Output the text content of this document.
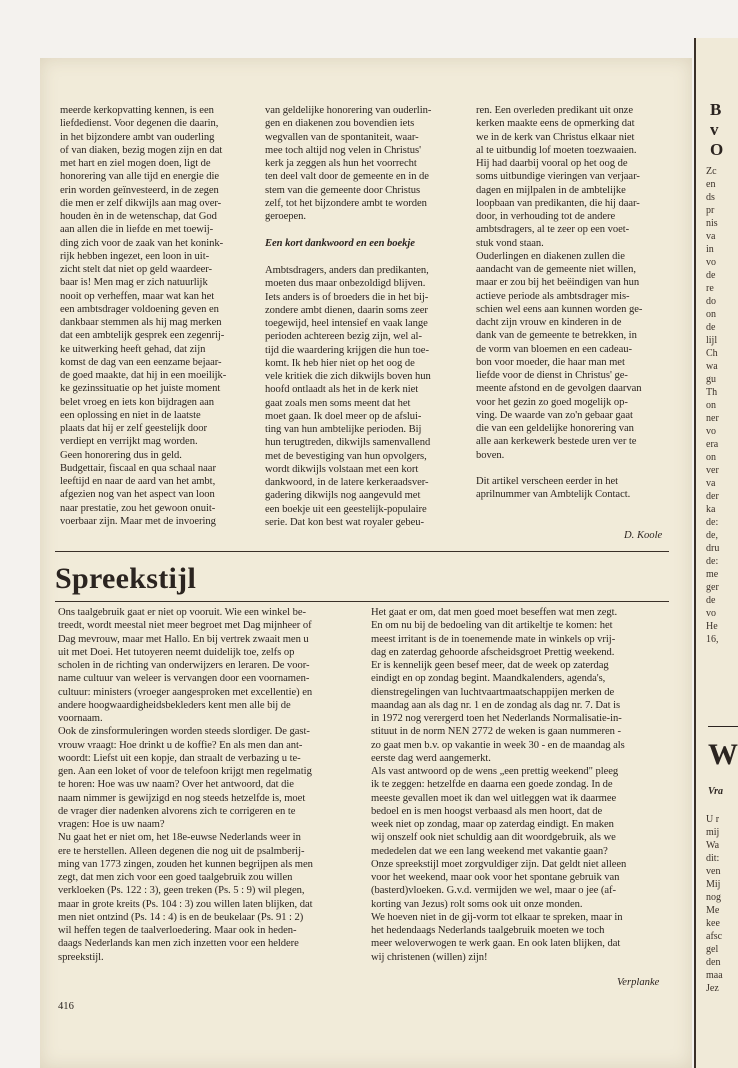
meerde kerkopvatting kennen, is een
liefdedienst. Voor degenen die daarin,
in het bijzondere ambt van ouderling
of van diaken, bezig mogen zijn en dat
met hart en ziel mogen doen, ligt de
honorering van alle tijd en energie die
erin worden geïnvesteerd, in de zegen
die men er zelf dikwijls aan mag over-
houden èn in de wetenschap, dat God
aan allen die in liefde en met toewij-
ding zich voor de zaak van het konink-
rijk hebben ingezet, een loon in uit-
zicht stelt dat niet op geld waardeer-
baar is! Men mag er zich natuurlijk
nooit op verheffen, maar wat kan het
een ambtsdrager voldoening geven en
dankbaar stemmen als hij mag merken
dat een ambtelijk gesprek een zegenrij-
ke uitwerking heeft gehad, dat zijn
komst de dag van een eenzame bejaar-
de goed maakte, dat hij in een moeilijk-
ke gezinssituatie op het juiste moment
belet vroeg en iets kon bijdragen aan
een oplossing en niet in de laatste
plaats dat hij er zelf geestelijk door
verdiept en verrijkt mag worden.
Geen honorering dus in geld.
Budgettair, fiscaal en qua schaal naar
leeftijd en naar de aard van het ambt,
afgezien nog van het aspect van loon
naar prestatie, zou het gewoon onuit-
voerbaar zijn. Maar met de invoering
van geldelijke honorering van ouderlin-
gen en diakenen zou bovendien iets
wegvallen van de spontaniteit, waar-
mee toch altijd nog velen in Christus'
kerk ja zeggen als hun het voorrecht
ten deel valt door de gemeente en in de
stem van die gemeente door Christus
zelf, tot het bijzondere ambt te worden
geroepen.
Een kort dankwoord en een boekje
Ambtsdragers, anders dan predikanten,
moeten dus maar onbezoldigd blijven.
Iets anders is of broeders die in het bij-
zondere ambt dienen, daarin soms zeer
toegewijd, heel intensief en vaak lange
perioden achtereen bezig zijn, wel al-
tijd die waardering krijgen die hun toe-
komt. Ik heb hier niet op het oog de
vele kritiek die zich dikwijls boven hun
hoofd ontlaadt als het in de kerk niet
gaat zoals men soms meent dat het
moet gaan. Ik doel meer op de afslui-
ting van hun ambtelijke perioden. Bij
hun terugtreden, dikwijls samenvallend
met de bevestiging van hun opvolgers,
wordt dikwijls volstaan met een kort
dankwoord, in de latere kerkeraadsver-
gadering dikwijls nog aangevuld met
een boekje uit een geestelijk-populaire
serie. Dat kon best wat royaler gebeu-
ren. Een overleden predikant uit onze
kerken maakte eens de opmerking dat
we in de kerk van Christus elkaar niet
al te uitbundig lof moeten toezwaaien.
Hij had daarbij vooral op het oog de
soms uitbundige vieringen van verjaar-
dagen en mijlpalen in de ambtelijke
loopbaan van predikanten, die hij daar-
door, in verhouding tot de andere
ambtsdragers, al te zeer op een voet-
stuk vond staan.
Ouderlingen en diakenen zullen die
aandacht van de gemeente niet willen,
maar er zou bij het beëindigen van hun
actieve periode als ambtsdrager mis-
schien wel eens aan kunnen worden ge-
dacht zijn vrouw en kinderen in de
dank van de gemeente te betrekken, in
de vorm van bloemen en een cadeau-
bon voor moeder, die haar man met
liefde voor de dienst in Christus' ge-
meente afstond en de gevolgen daarvan
voor het gezin zo goed mogelijk op-
ving. De waarde van zo'n gebaar gaat
die van een geldelijke honorering van
alle aan kerkewerk bestede uren ver te
boven.

Dit artikel verscheen eerder in het
aprilnummer van Ambtelijk Contact.
D. Koole
Spreekstijl
Ons taalgebruik gaat er niet op vooruit. Wie een winkel be-
treedt, wordt meestal niet meer begroet met Dag mijnheer of
Dag mevrouw, maar met Hallo. En bij vertrek zwaait men u
uit met Doei. Het tutoyeren neemt duidelijk toe, zelfs op
scholen in de richting van onderwijzers en leraren. De voor-
name cultuur van weleer is vervangen door een voornamen-
cultuur: ministers (vroeger aangesproken met excellentie) en
andere hoogwaardigheidsbekleders kent men alle bij de
voornaam.
Ook de zinsformuleringen worden steeds slordiger. De gast-
vrouw vraagt: Hoe drinkt u de koffie? En als men dan ant-
woordt: Liefst uit een kopje, dan straalt de verbazing u te-
gen. Aan een loket of voor de telefoon krijgt men regelmatig
te horen: Hoe was uw naam? Over het antwoord, dat die
naam nimmer is gewijzigd en nog steeds hetzelfde is, moet
de vrager dier nadenken alvorens zich te corrigeren en te
vragen: Hoe is uw naam?
Nu gaat het er niet om, het 18e-euwse Nederlands weer in
ere te herstellen. Alleen degenen die nog uit de psalmberij-
ming van 1773 zingen, zouden het kunnen begrijpen als men
zegt, dat men zich voor een goed taalgebruik zou willen
verkloeken (Ps. 122 : 3), geen treken (Ps. 5 : 9) wil plegen,
maar in grote kreits (Ps. 104 : 3) zou willen laten blijken, dat
men niet ontzind (Ps. 14 : 4) is en de beukelaar (Ps. 91 : 2)
wil heffen tegen de taalverloedering. Maar ook in heden-
daags Nederlands kan men zich inzetten voor een heldere
spreekstijl.
Het gaat er om, dat men goed moet beseffen wat men zegt.
En om nu bij de bedoeling van dit artikeltje te komen: het
meest irritant is de in toenemende mate in winkels op vrij-
dag en zaterdag gehoorde afscheidsgroet Prettig weekend.
Er is kennelijk geen besef meer, dat de week op zaterdag
eindigt en op zondag begint. Maandkalenders, agenda's,
dienstregelingen van luchtvaartmaatschappijen merken de
maandag aan als dag nr. 1 en de zondag als dag nr. 7. Dat is
in 1972 nog verergerd toen het Nederlands Normalisatie-in-
stituut in de norm NEN 2772 de weken is gaan nummeren -
zo gaat men b.v. op vakantie in week 30 - en de maandag als
eerste dag werd aangemerkt.
Als vast antwoord op de wens „een prettig weekend" pleeg
ik te zeggen: hetzelfde en daarna een goede zondag. In de
meeste gevallen moet ik dan wel uitleggen wat ik daarmee
bedoel en is men hoogst verbaasd als men hoort, dat de
week niet op zondag, maar op zaterdag eindigt. En maken
wij onszelf ook niet schuldig aan dit woordgebruik, als we
mededelen dat we een lang weekend met vakantie gaan?
Onze spreekstijl moet zorgvuldiger zijn. Dat geldt niet alleen
voor het weekend, maar ook voor het spontane gebruik van
(basterd)vloeken. G.v.d. vermijden we wel, maar o jee (af-
korting van Jezus) rolt soms ook uit onze monden.
We hoeven niet in de gij-vorm tot elkaar te spreken, maar in
het hedendaags Nederlands taalgebruik moeten we toch
meer weloverwogen te werk gaan. En ook laten blijken, dat
wij christenen (willen) zijn!
Verplanke
416
B
v
O
Zc
en
ds
pr
nis
va
in
vo
de
re
do
on
de
lijl
Ch
wa
gu
Th
on
ner
vo
era
on
ver
va
der
ka
de:
de,
dru
de:
me
ger
de
vo
He
16,
W
Vra
U r
mij
Wa
dit:
ven
Mij
nog
Me
kee
afsc
gel
den
maa
Jez
